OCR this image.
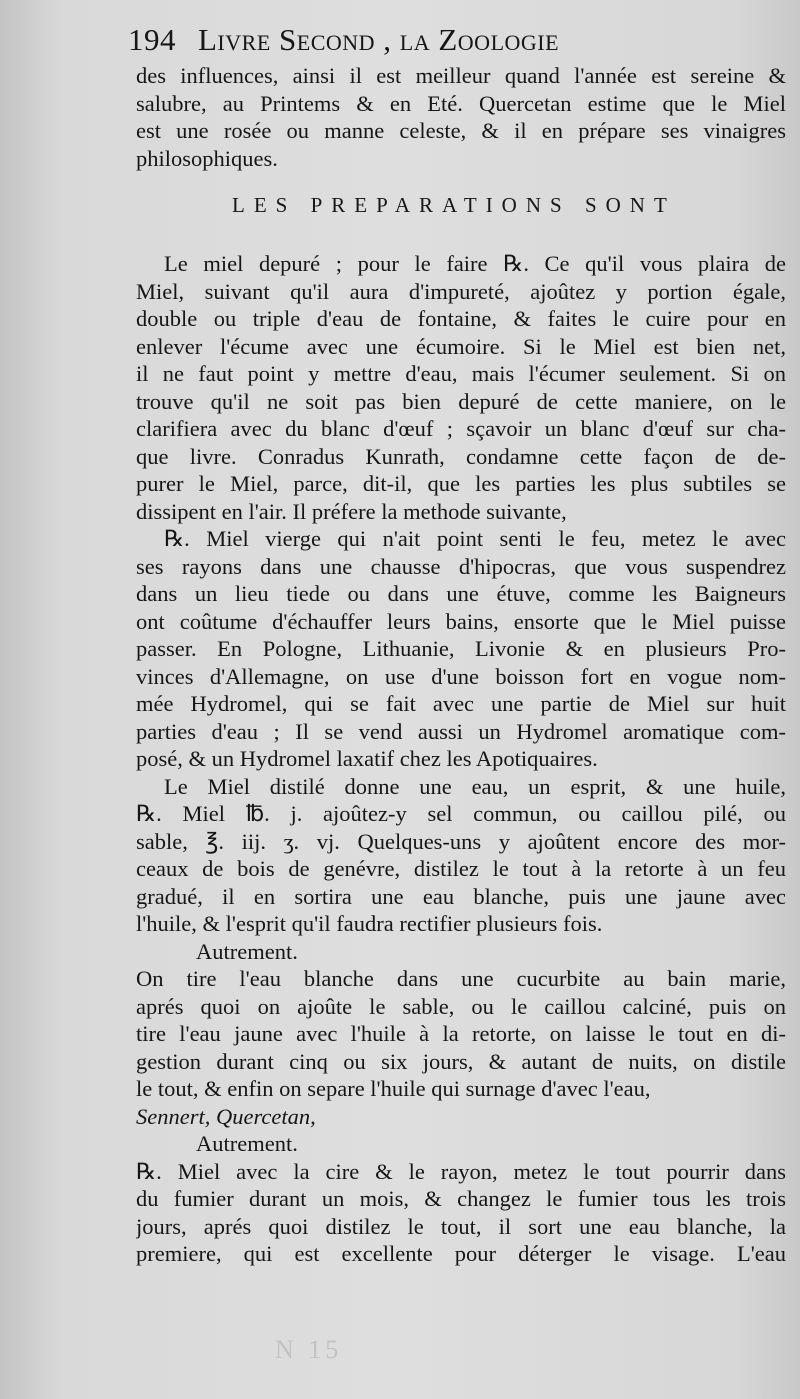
194 Livre Second , la Zoologie
des influences, ainsi il est meilleur quand l'année est sereine &
salubre, au Printems & en Eté. Quercetan estime que le Miel
est une rosée ou manne celeste, & il en prépare ses vinaigres
philosophiques.
LES PREPARATIONS SONT
Le miel depuré ; pour le faire ℞. Ce qu'il vous plaira de
Miel, suivant qu'il aura d'impureté, ajoûtez y portion égale,
double ou triple d'eau de fontaine, & faites le cuire pour en
enlever l'écume avec une écumoire. Si le Miel est bien net,
il ne faut point y mettre d'eau, mais l'écumer seulement. Si on
trouve qu'il ne soit pas bien depuré de cette maniere, on le
clarifiera avec du blanc d'œuf ; sçavoir un blanc d'œuf sur cha-
que livre. Conradus Kunrath, condamne cette façon de de-
purer le Miel, parce, dit-il, que les parties les plus subtiles se
dissipent en l'air. Il préfere la methode suivante,
℞. Miel vierge qui n'ait point senti le feu, metez le avec
ses rayons dans une chausse d'hipocras, que vous suspendrez
dans un lieu tiede ou dans une étuve, comme les Baigneurs
ont coûtume d'échauffer leurs bains, ensorte que le Miel puisse
passer. En Pologne, Lithuanie, Livonie & en plusieurs Pro-
vinces d'Allemagne, on use d'une boisson fort en vogue nom-
mée Hydromel, qui se fait avec une partie de Miel sur huit
parties d'eau ; Il se vend aussi un Hydromel aromatique com-
posé, & un Hydromel laxatif chez les Apotiquaires.
Le Miel distilé donne une eau, un esprit, & une huile,
℞. Miel ℔. j. ajoûtez-y sel commun, ou caillou pilé, ou
sable, ℥. iij. ʒ. vj. Quelques-uns y ajoûtent encore des mor-
ceaux de bois de genévre, distilez le tout à la retorte à un feu
gradué, il en sortira une eau blanche, puis une jaune avec
l'huile, & l'esprit qu'il faudra rectifier plusieurs fois.
Autrement.
On tire l'eau blanche dans une cucurbite au bain marie,
aprés quoi on ajoûte le sable, ou le caillou calciné, puis on
tire l'eau jaune avec l'huile à la retorte, on laisse le tout en di-
gestion durant cinq ou six jours, & autant de nuits, on distile
le tout, & enfin on separe l'huile qui surnage d'avec l'eau,
Sennert, Quercetan,
Autrement.
℞. Miel avec la cire & le rayon, metez le tout pourrir dans
du fumier durant un mois, & changez le fumier tous les trois
jours, aprés quoi distilez le tout, il sort une eau blanche, la
premiere, qui est excellente pour déterger le visage. L'eau
N 15
